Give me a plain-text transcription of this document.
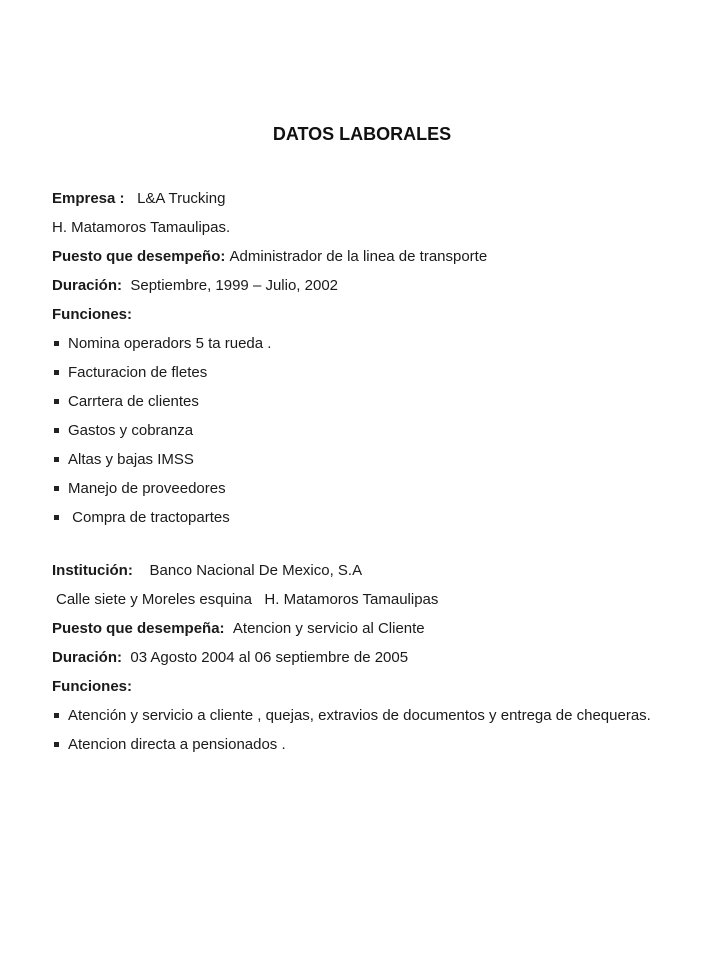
DATOS LABORALES
Empresa : L&A Trucking
H. Matamoros Tamaulipas.
Puesto que desempeño: Administrador de la linea de transporte
Duración: Septiembre, 1999 – Julio, 2002
Funciones:
Nomina operadors 5 ta rueda .
Facturacion de fletes
Carrtera de clientes
Gastos y cobranza
Altas y bajas IMSS
Manejo de proveedores
Compra de tractopartes
Institución: Banco Nacional De Mexico, S.A
Calle siete y Moreles esquina   H. Matamoros Tamaulipas
Puesto que desempeña: Atencion y servicio al Cliente
Duración: 03 Agosto 2004 al 06 septiembre de 2005
Funciones:
Atención y servicio a cliente , quejas, extravios de documentos y entrega de chequeras.
Atencion directa a pensionados .
